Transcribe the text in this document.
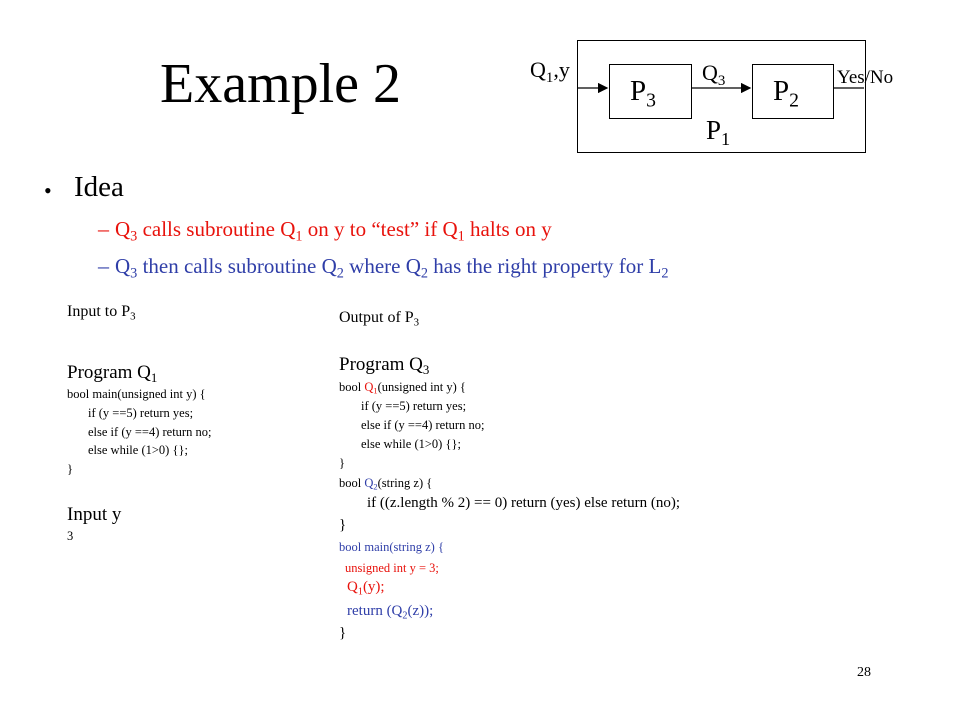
Example 2	$Q_1,y$
$P_3$
$Q_3$ $P_2$
Yes/No
$P_1$
• Idea
– $Q_3$ calls subroutine $Q_1$ on y to “test” if $Q_1$ halts on y
– $Q_3$ then calls subroutine $Q_2$ where $Q_2$ has the right property for $L_2$
Input to $P_3$
Program $Q_1$
bool main(unsigned int y) {
if (y ==5) return yes;
else if (y ==4) return no;
else while (1>0) {};
}
Input y
3
Output of $P_3$
Program $Q_3$
bool $Q_1(unsigned$ int y) {
if (y ==5) return yes;
else if (y ==4) return no;
else while (1>0) {};
}
bool $Q_2(string$ z) {
if ((z.length % 2) == 0) return (yes) else return (no);
}
bool main(string z) {
unsigned int y = 3;
$Q_1(y)$;
return $(Q_2(z))$;
}
28
